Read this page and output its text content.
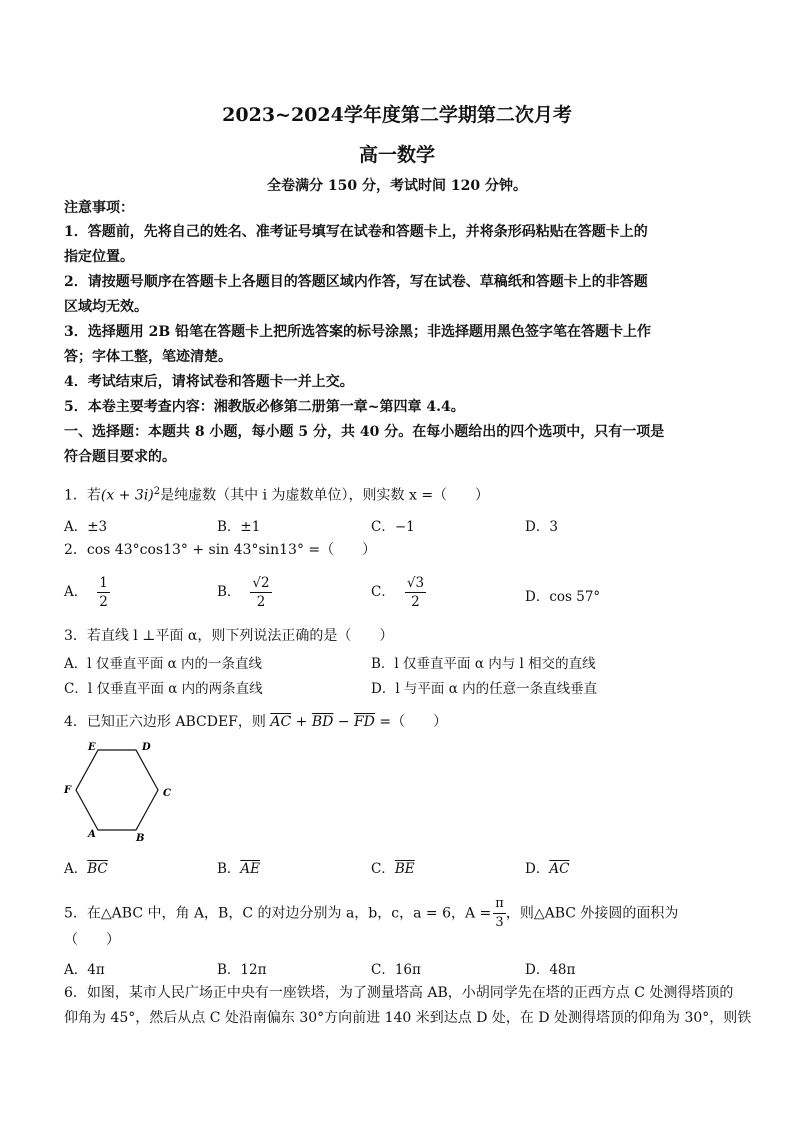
2023~2024学年度第二学期第二次月考
高一数学
全卷满分 150 分，考试时间 120 分钟。
注意事项：
1．答题前，先将自己的姓名、准考证号填写在试卷和答题卡上，并将条形码粘贴在答题卡上的
指定位置。
2．请按题号顺序在答题卡上各题目的答题区域内作答，写在试卷、草稿纸和答题卡上的非答题
区域均无效。
3．选择题用 2B 铅笔在答题卡上把所选答案的标号涂黑；非选择题用黑色签字笔在答题卡上作
答；字体工整，笔迹清楚。
4．考试结束后，请将试卷和答题卡一并上交。
5．本卷主要考查内容：湘教版必修第二册第一章~第四章 4.4。
一、选择题：本题共 8 小题，每小题 5 分，共 40 分。在每小题给出的四个选项中，只有一项是
符合题目要求的。
1．若$(x + 3i)^2$是纯虚数（其中 i 为虚数单位），则实数 x =（　　）
A．±3	B．±1	C．−1	D．3
2．cos 43°cos13° + sin 43°sin13° =（　　）
A． $\frac{1}{2}$	B． $\frac{√2}{2}$	C． $\frac{√3}{2}$	D．cos 57°
3．若直线 l ⊥平面 α，则下列说法正确的是（　　）
A．l 仅垂直平面 α 内的一条直线	B．l 仅垂直平面 α 内与 l 相交的直线
C．l 仅垂直平面 α 内的两条直线	D．l 与平面 α 内的任意一条直线垂直
4．已知正六边形 ABCDEF，则 $\overline{AC} + \overline{BD} - \overline{FD}$ =（　　）
E	D
F	C
A	B
A．$\overline{BC}$	B．$\overline{AE}$	C．$\overline{BE}$	D．$\overline{AC}$
5．在△ABC 中，角 A，B，C 的对边分别为 a，b，c，a = 6，$A = \frac{\pi}{3}$ ，则△ABC 外接圆的面积为
（　　）
A．4π	B．12π	C．16π	D．48π
6．如图，某市人民广场正中央有一座铁塔，为了测量塔高 AB，小胡同学先在塔的正西方点 C 处测得塔顶的
仰角为 45°，然后从点 C 处沿南偏东 30°方向前进 140 米到达点 D 处，在 D 处测得塔顶的仰角为 30°，则铁
